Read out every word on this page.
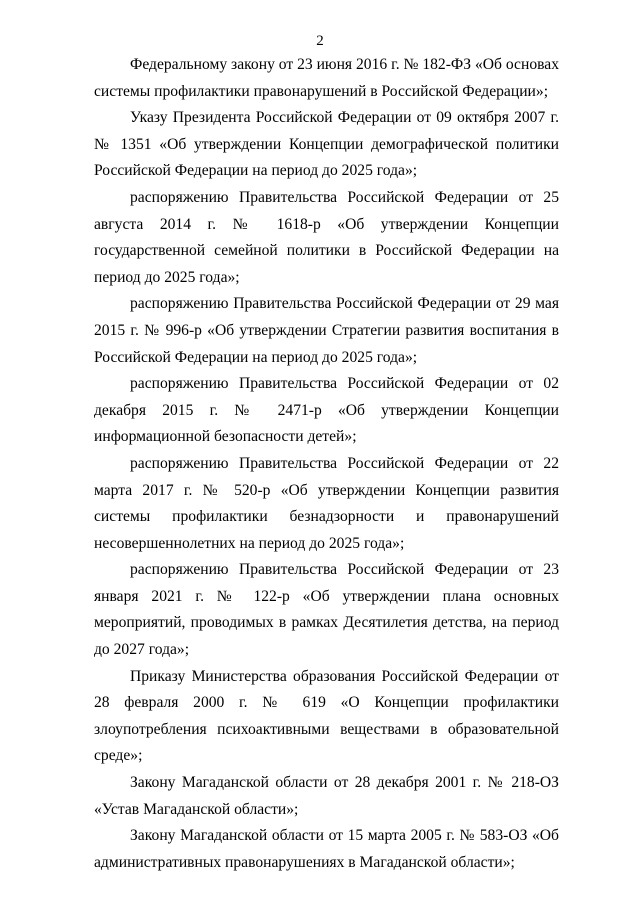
2

Федеральному закону от 23 июня 2016 г. № 182-ФЗ «Об основах системы профилактики правонарушений в Российской Федерации»;

Указу Президента Российской Федерации от 09 октября 2007 г. № 1351 «Об утверждении Концепции демографической политики Российской Федерации на период до 2025 года»;

распоряжению Правительства Российской Федерации от 25 августа 2014 г. № 1618-р «Об утверждении Концепции государственной семейной политики в Российской Федерации на период до 2025 года»;

распоряжению Правительства Российской Федерации от 29 мая 2015 г. № 996-р «Об утверждении Стратегии развития воспитания в Российской Федерации на период до 2025 года»;

распоряжению Правительства Российской Федерации от 02 декабря 2015 г. № 2471-р «Об утверждении Концепции информационной безопасности детей»;

распоряжению Правительства Российской Федерации от 22 марта 2017 г. № 520-р «Об утверждении Концепции развития системы профилактики безнадзорности и правонарушений несовершеннолетних на период до 2025 года»;

распоряжению Правительства Российской Федерации от 23 января 2021 г. № 122-р «Об утверждении плана основных мероприятий, проводимых в рамках Десятилетия детства, на период до 2027 года»;

Приказу Министерства образования Российской Федерации от 28 февраля 2000 г. № 619 «О Концепции профилактики злоупотребления психоактивными веществами в образовательной среде»;

Закону Магаданской области от 28 декабря 2001 г. № 218-ОЗ «Устав Магаданской области»;

Закону Магаданской области от 15 марта 2005 г. № 583-ОЗ «Об административных правонарушениях в Магаданской области»;
